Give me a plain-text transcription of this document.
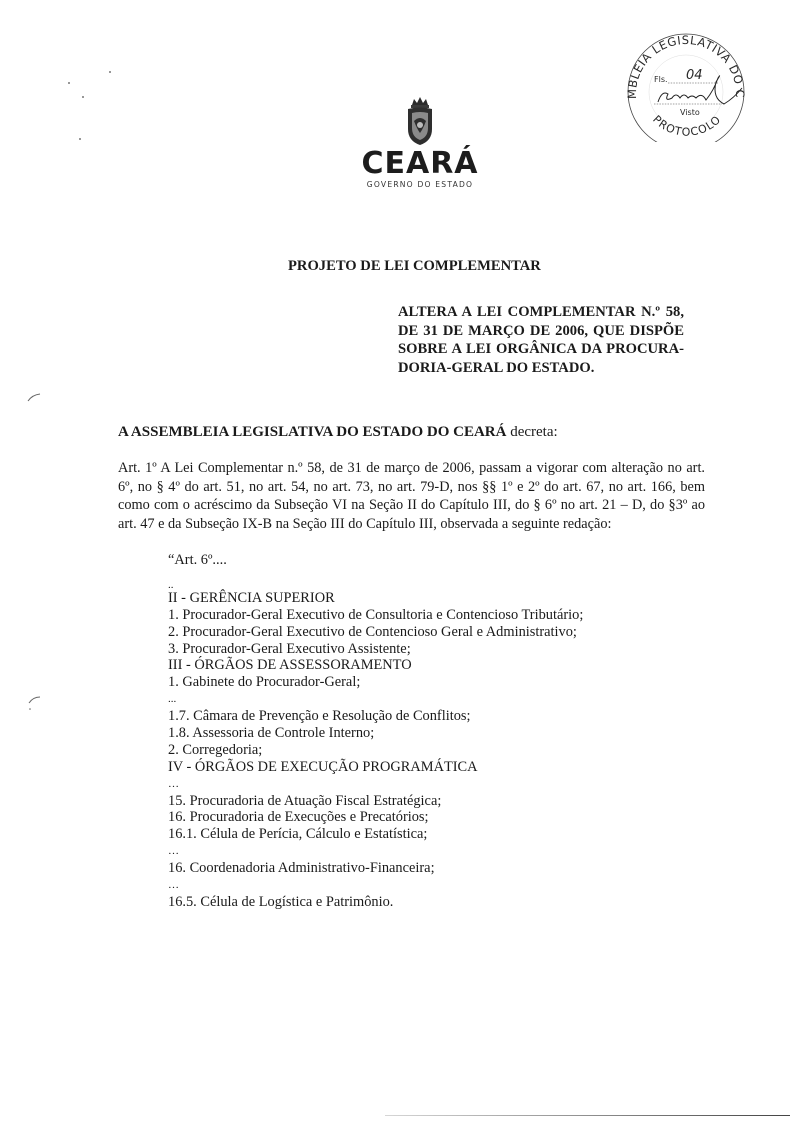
CEARÁ
GOVERNO DO ESTADO
MBLEIA LEGISLATIVA DO C
PROTOCOLO
Fls. 04
Visto
PROJETO DE LEI COMPLEMENTAR
ALTERA A LEI COMPLEMENTAR N.º 58,
DE 31 DE MARÇO DE 2006, QUE DISPÕE
SOBRE A LEI ORGÂNICA DA PROCURA-
DORIA-GERAL DO ESTADO.
A ASSEMBLEIA LEGISLATIVA DO ESTADO DO CEARÁ decreta:
Art. 1º A Lei Complementar n.º 58, de 31 de março de 2006, passam a vigorar com alteração no art.
6º, no § 4º do art. 51, no art. 54, no art. 73, no art. 79-D, nos §§ 1º e 2º do art. 67, no art. 166, bem
como com o acréscimo da Subseção VI na Seção II do Capítulo III, do § 6º no art. 21 – D, do §3º ao
art. 47 e da Subseção IX-B na Seção III do Capítulo III, observada a seguinte redação:
“Art. 6º....
..
II - GERÊNCIA SUPERIOR
1. Procurador-Geral Executivo de Consultoria e Contencioso Tributário;
2. Procurador-Geral Executivo de Contencioso Geral e Administrativo;
3. Procurador-Geral Executivo Assistente;
III - ÓRGÃOS DE ASSESSORAMENTO
1. Gabinete do Procurador-Geral;
...
1.7. Câmara de Prevenção e Resolução de Conflitos;
1.8. Assessoria de Controle Interno;
2. Corregedoria;
IV - ÓRGÃOS DE EXECUÇÃO PROGRAMÁTICA
…
15. Procuradoria de Atuação Fiscal Estratégica;
16. Procuradoria de Execuções e Precatórios;
16.1. Célula de Perícia, Cálculo e Estatística;
…
16. Coordenadoria Administrativo-Financeira;
…
16.5. Célula de Logística e Patrimônio.
